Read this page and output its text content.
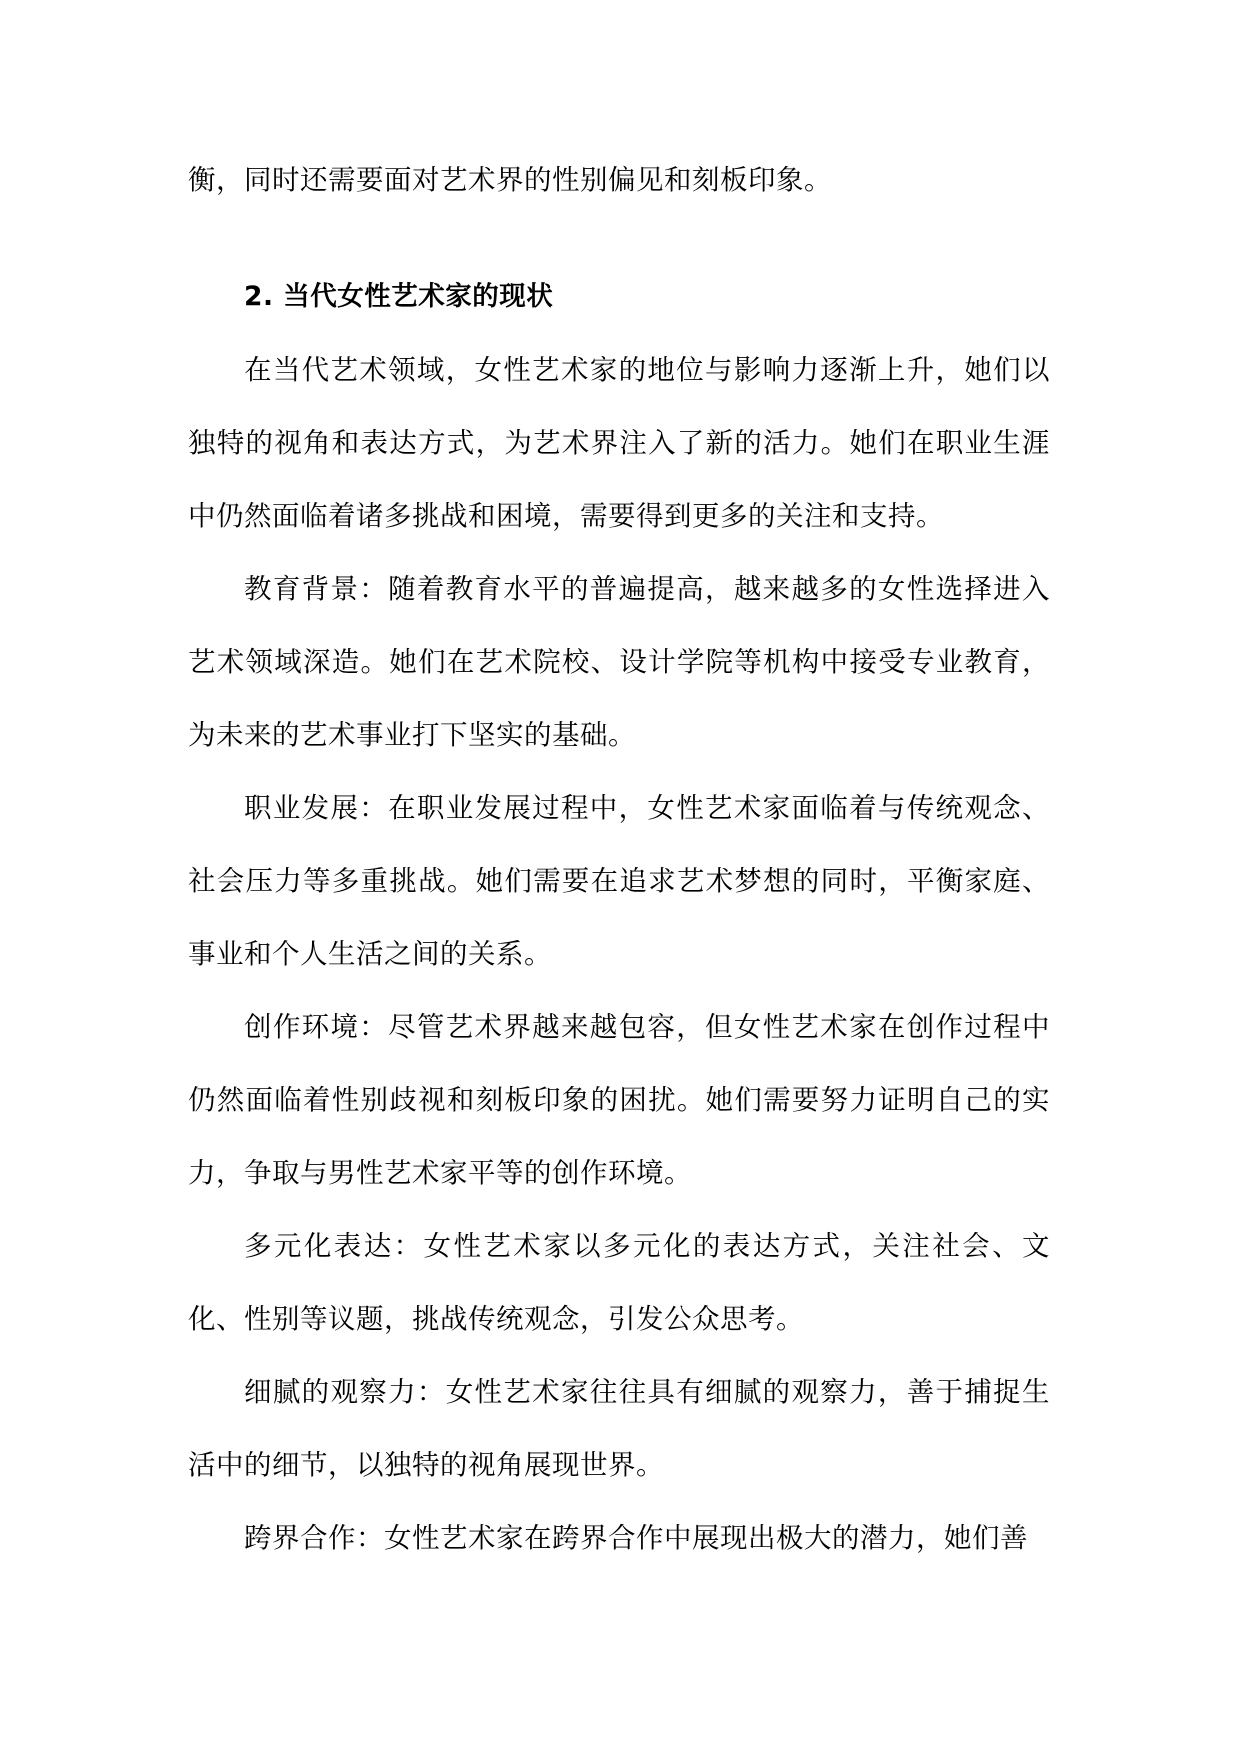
衡，同时还需要面对艺术界的性别偏见和刻板印象。

2. 当代女性艺术家的现状

在当代艺术领域，女性艺术家的地位与影响力逐渐上升，她们以独特的视角和表达方式，为艺术界注入了新的活力。她们在职业生涯中仍然面临着诸多挑战和困境，需要得到更多的关注和支持。

教育背景：随着教育水平的普遍提高，越来越多的女性选择进入艺术领域深造。她们在艺术院校、设计学院等机构中接受专业教育，为未来的艺术事业打下坚实的基础。

职业发展：在职业发展过程中，女性艺术家面临着与传统观念、社会压力等多重挑战。她们需要在追求艺术梦想的同时，平衡家庭、事业和个人生活之间的关系。

创作环境：尽管艺术界越来越包容，但女性艺术家在创作过程中仍然面临着性别歧视和刻板印象的困扰。她们需要努力证明自己的实力，争取与男性艺术家平等的创作环境。

多元化表达：女性艺术家以多元化的表达方式，关注社会、文化、性别等议题，挑战传统观念，引发公众思考。

细腻的观察力：女性艺术家往往具有细腻的观察力，善于捕捉生活中的细节，以独特的视角展现世界。

跨界合作：女性艺术家在跨界合作中展现出极大的潜力，她们善
